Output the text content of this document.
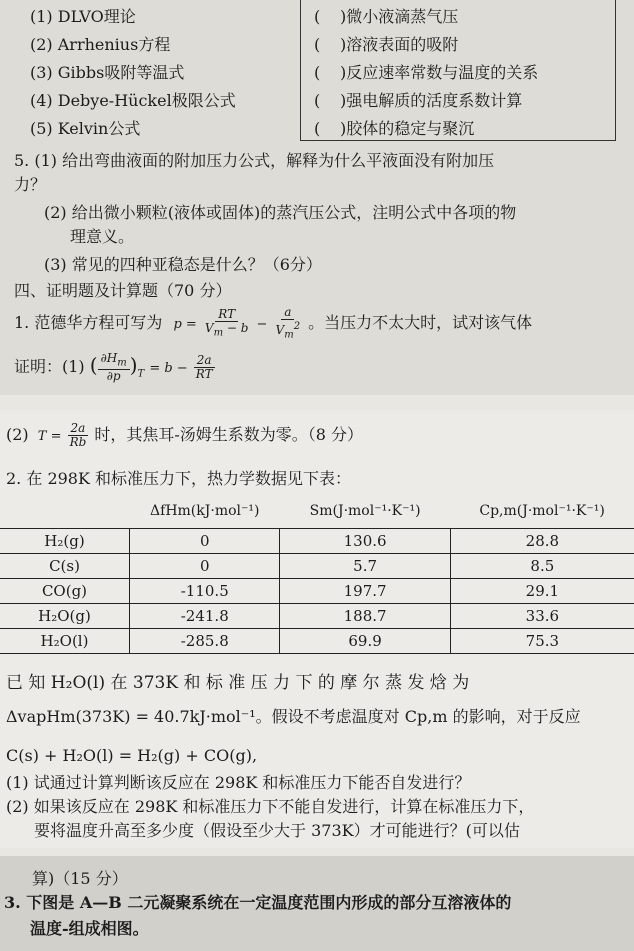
(1) DLVO理论
(2) Arrhenius方程
(3) Gibbs吸附等温式
(4) Debye-Hückel极限公式
(5) Kelvin公式
( )微小液滴蒸气压
( )溶液表面的吸附
( )反应速率常数与温度的关系
( )强电解质的活度系数计算
( )胶体的稳定与聚沉
5. (1) 给出弯曲液面的附加压力公式，解释为什么平液面没有附加压
力？
(2) 给出微小颗粒(液体或固体)的蒸汽压公式，注明公式中各项的物
理意义。
(3) 常见的四种亚稳态是什么？（6分）
四、证明题及计算题（70 分）
1. 范德华方程可写为 $p = \frac{RT}{V_m - b} - \frac{a}{V_m^2}$ 。当压力不太大时，试对该气体
证明：(1) ( $\frac{\partial H_m}{\partial p} )_T = b - \frac{2a}{RT}$
(2) $T = \frac{2a}{Rb}$ 时，其焦耳-汤姆生系数为零。（8 分）
2. 在 298K 和标准压力下，热力学数据见下表：
	ΔfHm(kJ·mol⁻¹)	Sm(J·mol⁻¹·K⁻¹)	Cp,m(J·mol⁻¹·K⁻¹)
H₂(g)	0	130.6	28.8
C(s)	0	5.7	8.5
CO(g)	-110.5	197.7	29.1
H₂O(g)	-241.8	188.7	33.6
H₂O(l)	-285.8	69.9	75.3
已 知 H₂O(l) 在 373K 和 标 准 压 力 下 的 摩 尔 蒸 发 焓 为
ΔvapHm(373K) = 40.7kJ·mol⁻¹。假设不考虑温度对 Cp,m 的影响，对于反应
C(s) + H₂O(l) = H₂(g) + CO(g),
(1) 试通过计算判断该反应在 298K 和标准压力下能否自发进行？
(2) 如果该反应在 298K 和标准压力下不能自发进行，计算在标准压力下，
要将温度升高至多少度（假设至少大于 373K）才可能进行？(可以估
算)（15 分）
3. 下图是 A—B 二元凝聚系统在一定温度范围内形成的部分互溶液体的
温度-组成相图。
